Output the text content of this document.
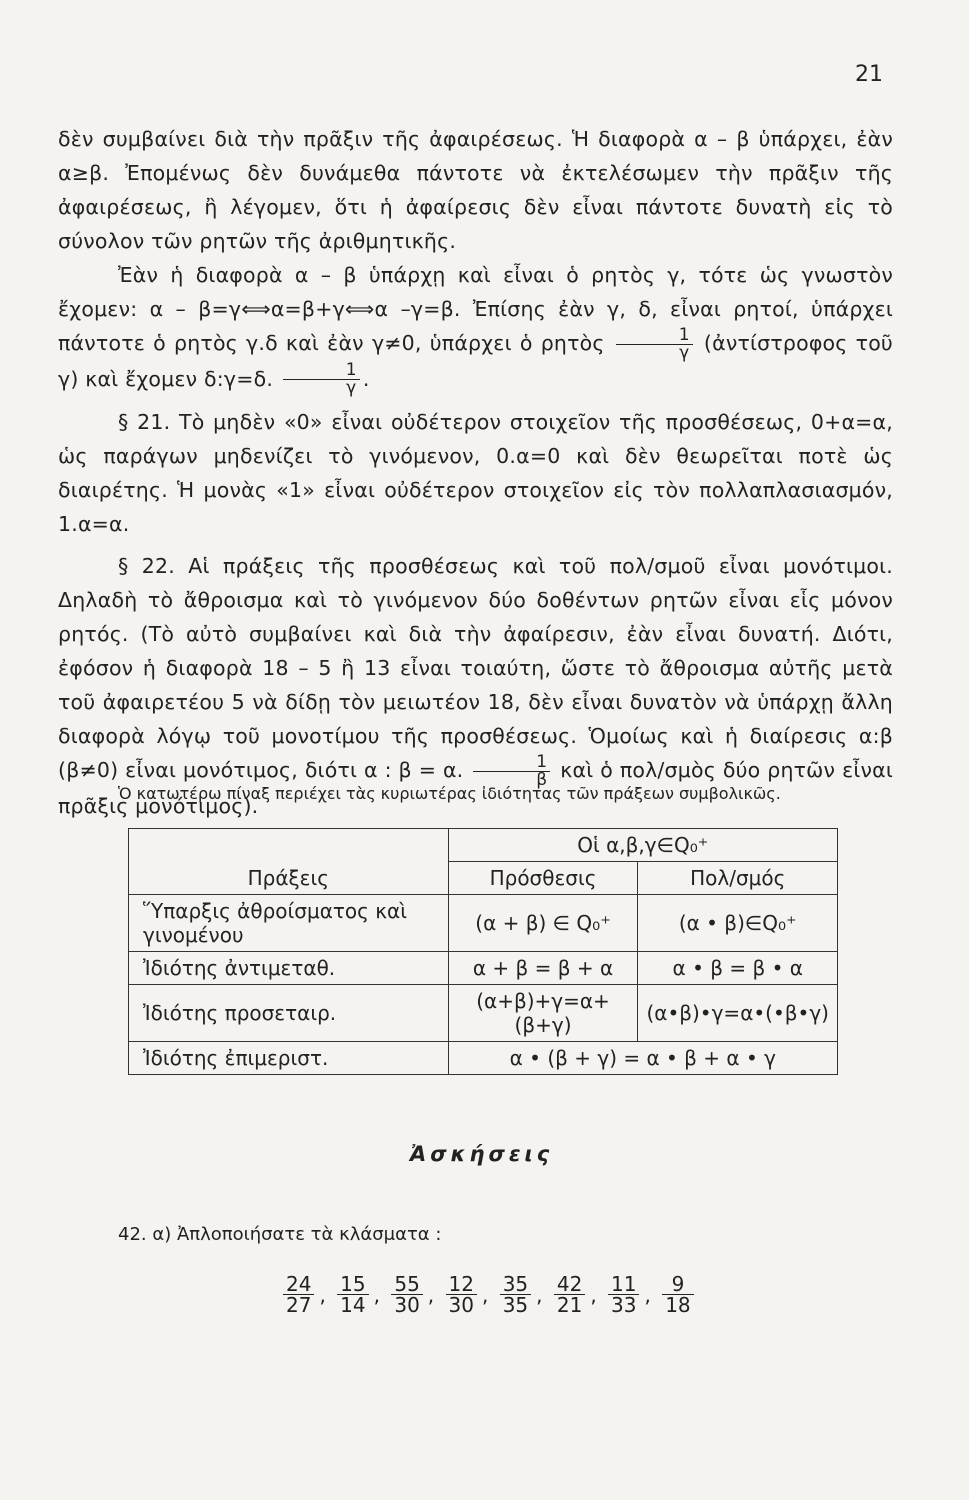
21

δὲν συμβαίνει διὰ τὴν πρᾶξιν τῆς ἀφαιρέσεως. Ἡ διαφορὰ α – β ὑπάρχει, ἐὰν α≥β. Ἐπομένως δὲν δυνάμεθα πάντοτε νὰ ἐκτελέσωμεν τὴν πρᾶξιν τῆς ἀφαιρέσεως, ἢ λέγομεν, ὅτι ἡ ἀφαίρεσις δὲν εἶναι πάντοτε δυνατὴ εἰς τὸ σύνολον τῶν ρητῶν τῆς ἀριθμητικῆς.

Ἐὰν ἡ διαφορὰ α – β ὑπάρχῃ καὶ εἶναι ὁ ρητὸς γ, τότε ὡς γνωστὸν ἔχομεν: α – β=γ⟺α=β+γ⟺α –γ=β. Ἐπίσης ἐὰν γ, δ, εἶναι ρητοί, ὑπάρχει πάντοτε ὁ ρητὸς γ.δ καὶ ἐὰν γ≠0, ὑπάρχει ὁ ρητὸς $\frac{1}{\gamma}$ (ἀντίστροφος τοῦ γ) καὶ ἔχομεν δ:γ=δ. $\frac{1}{\gamma}$ .

§ 21. Τὸ μηδὲν «0» εἶναι οὐδέτερον στοιχεῖον τῆς προσθέσεως, 0+α=α, ὡς παράγων μηδενίζει τὸ γινόμενον, 0.α=0 καὶ δὲν θεωρεῖται ποτὲ ὡς διαιρέτης. Ἡ μονὰς «1» εἶναι οὐδέτερον στοιχεῖον εἰς τὸν πολλαπλασιασμόν, 1.α=α.

§ 22. Αἱ πράξεις τῆς προσθέσεως καὶ τοῦ πολ/σμοῦ εἶναι μονότιμοι. Δηλαδὴ τὸ ἄθροισμα καὶ τὸ γινόμενον δύο δοθέντων ρητῶν εἶναι εἷς μόνον ρητός. (Τὸ αὐτὸ συμβαίνει καὶ διὰ τὴν ἀφαίρεσιν, ἐὰν εἶναι δυνατή. Διότι, ἐφόσον ἡ διαφορὰ 18 – 5 ἢ 13 εἶναι τοιαύτη, ὥστε τὸ ἄθροισμα αὐτῆς μετὰ τοῦ ἀφαιρετέου 5 νὰ δίδῃ τὸν μειωτέον 18, δὲν εἶναι δυνατὸν νὰ ὑπάρχῃ ἄλλη διαφορὰ λόγῳ τοῦ μονοτίμου τῆς προσθέσεως. Ὁμοίως καὶ ἡ διαίρεσις α:β (β≠0) εἶναι μονότιμος, διότι α : β = α. $\frac{1}{\beta}$ καὶ ὁ πολ/σμὸς δύο ρητῶν εἶναι πρᾶξις μονότιμος).

Ὁ κατωτέρω πίναξ περιέχει τὰς κυριωτέρας ἰδιότητας τῶν πράξεων συμβολικῶς.
Πράξεις	Οἱ α,β,γ∈Q₀⁺	
	Πρόσθεσις	Πολ/σμός
Ὕπαρξις ἀθροίσματος καὶ γινομένου	(α + β) ∈ Q₀⁺	(α • β)∈Q₀⁺
Ἰδιότης ἀντιμεταθ.	α + β = β + α	α • β = β • α
Ἰδιότης προσεταιρ.	(α+β)+γ=α+(β+γ)	(α•β)•γ=α•(•β•γ)
Ἰδιότης ἐπιμεριστ.	α • (β + γ) = α • β + α • γ	
Ἀσκήσεις
42. α) Ἀπλοποιήσατε τὰ κλάσματα :
$\frac{24}{27}$ , $\frac{15}{14}$ , $\frac{55}{30}$ , $\frac{12}{30}$ , $\frac{35}{35}$ , $\frac{42}{21}$ , $\frac{11}{33}$ , $\frac{9}{18}$
